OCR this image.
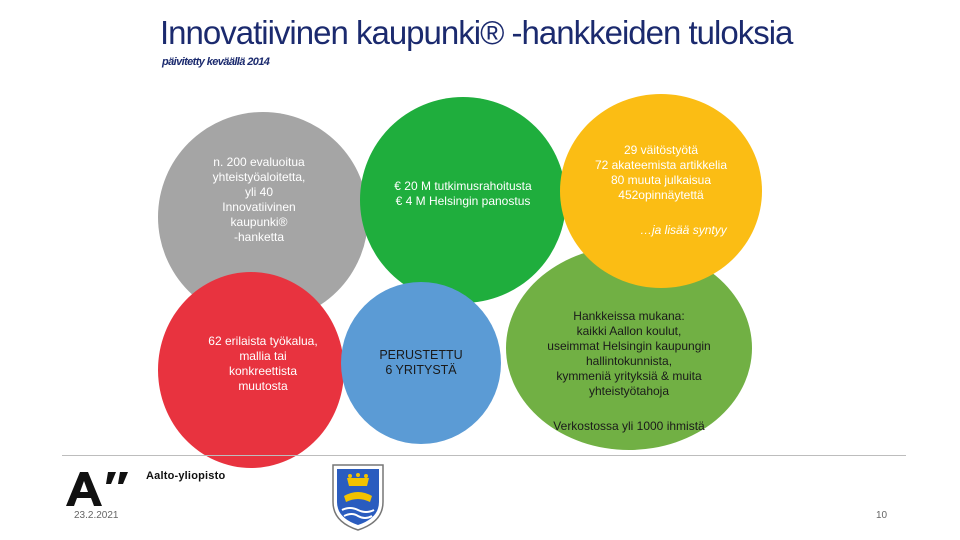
Innovatiivinen kaupunki® -hankkeiden tuloksia
päivitetty keväällä 2014
n. 200 evaluoitua
yhteistyöaloitetta,
yli 40
Innovatiivinen
kaupunki®
-hanketta
€ 20 M tutkimusrahoitusta
€ 4 M Helsingin panostus
62 erilaista työkalua,
mallia tai
konkreettista
muutosta
PERUSTETTU
6 YRITYSTÄ
Hankkeissa mukana:
kaikki Aallon koulut,
useimmat Helsingin kaupungin
hallintokunnista,
kymmeniä yrityksiä & muita
yhteistyötahoja
Verkostossa yli 1000 ihmistä
29 väitöstyötä
72 akateemista artikkelia
80 muuta julkaisua
452opinnäytettä
…ja lisää syntyy
Aalto-yliopisto
23.2.2021	10
